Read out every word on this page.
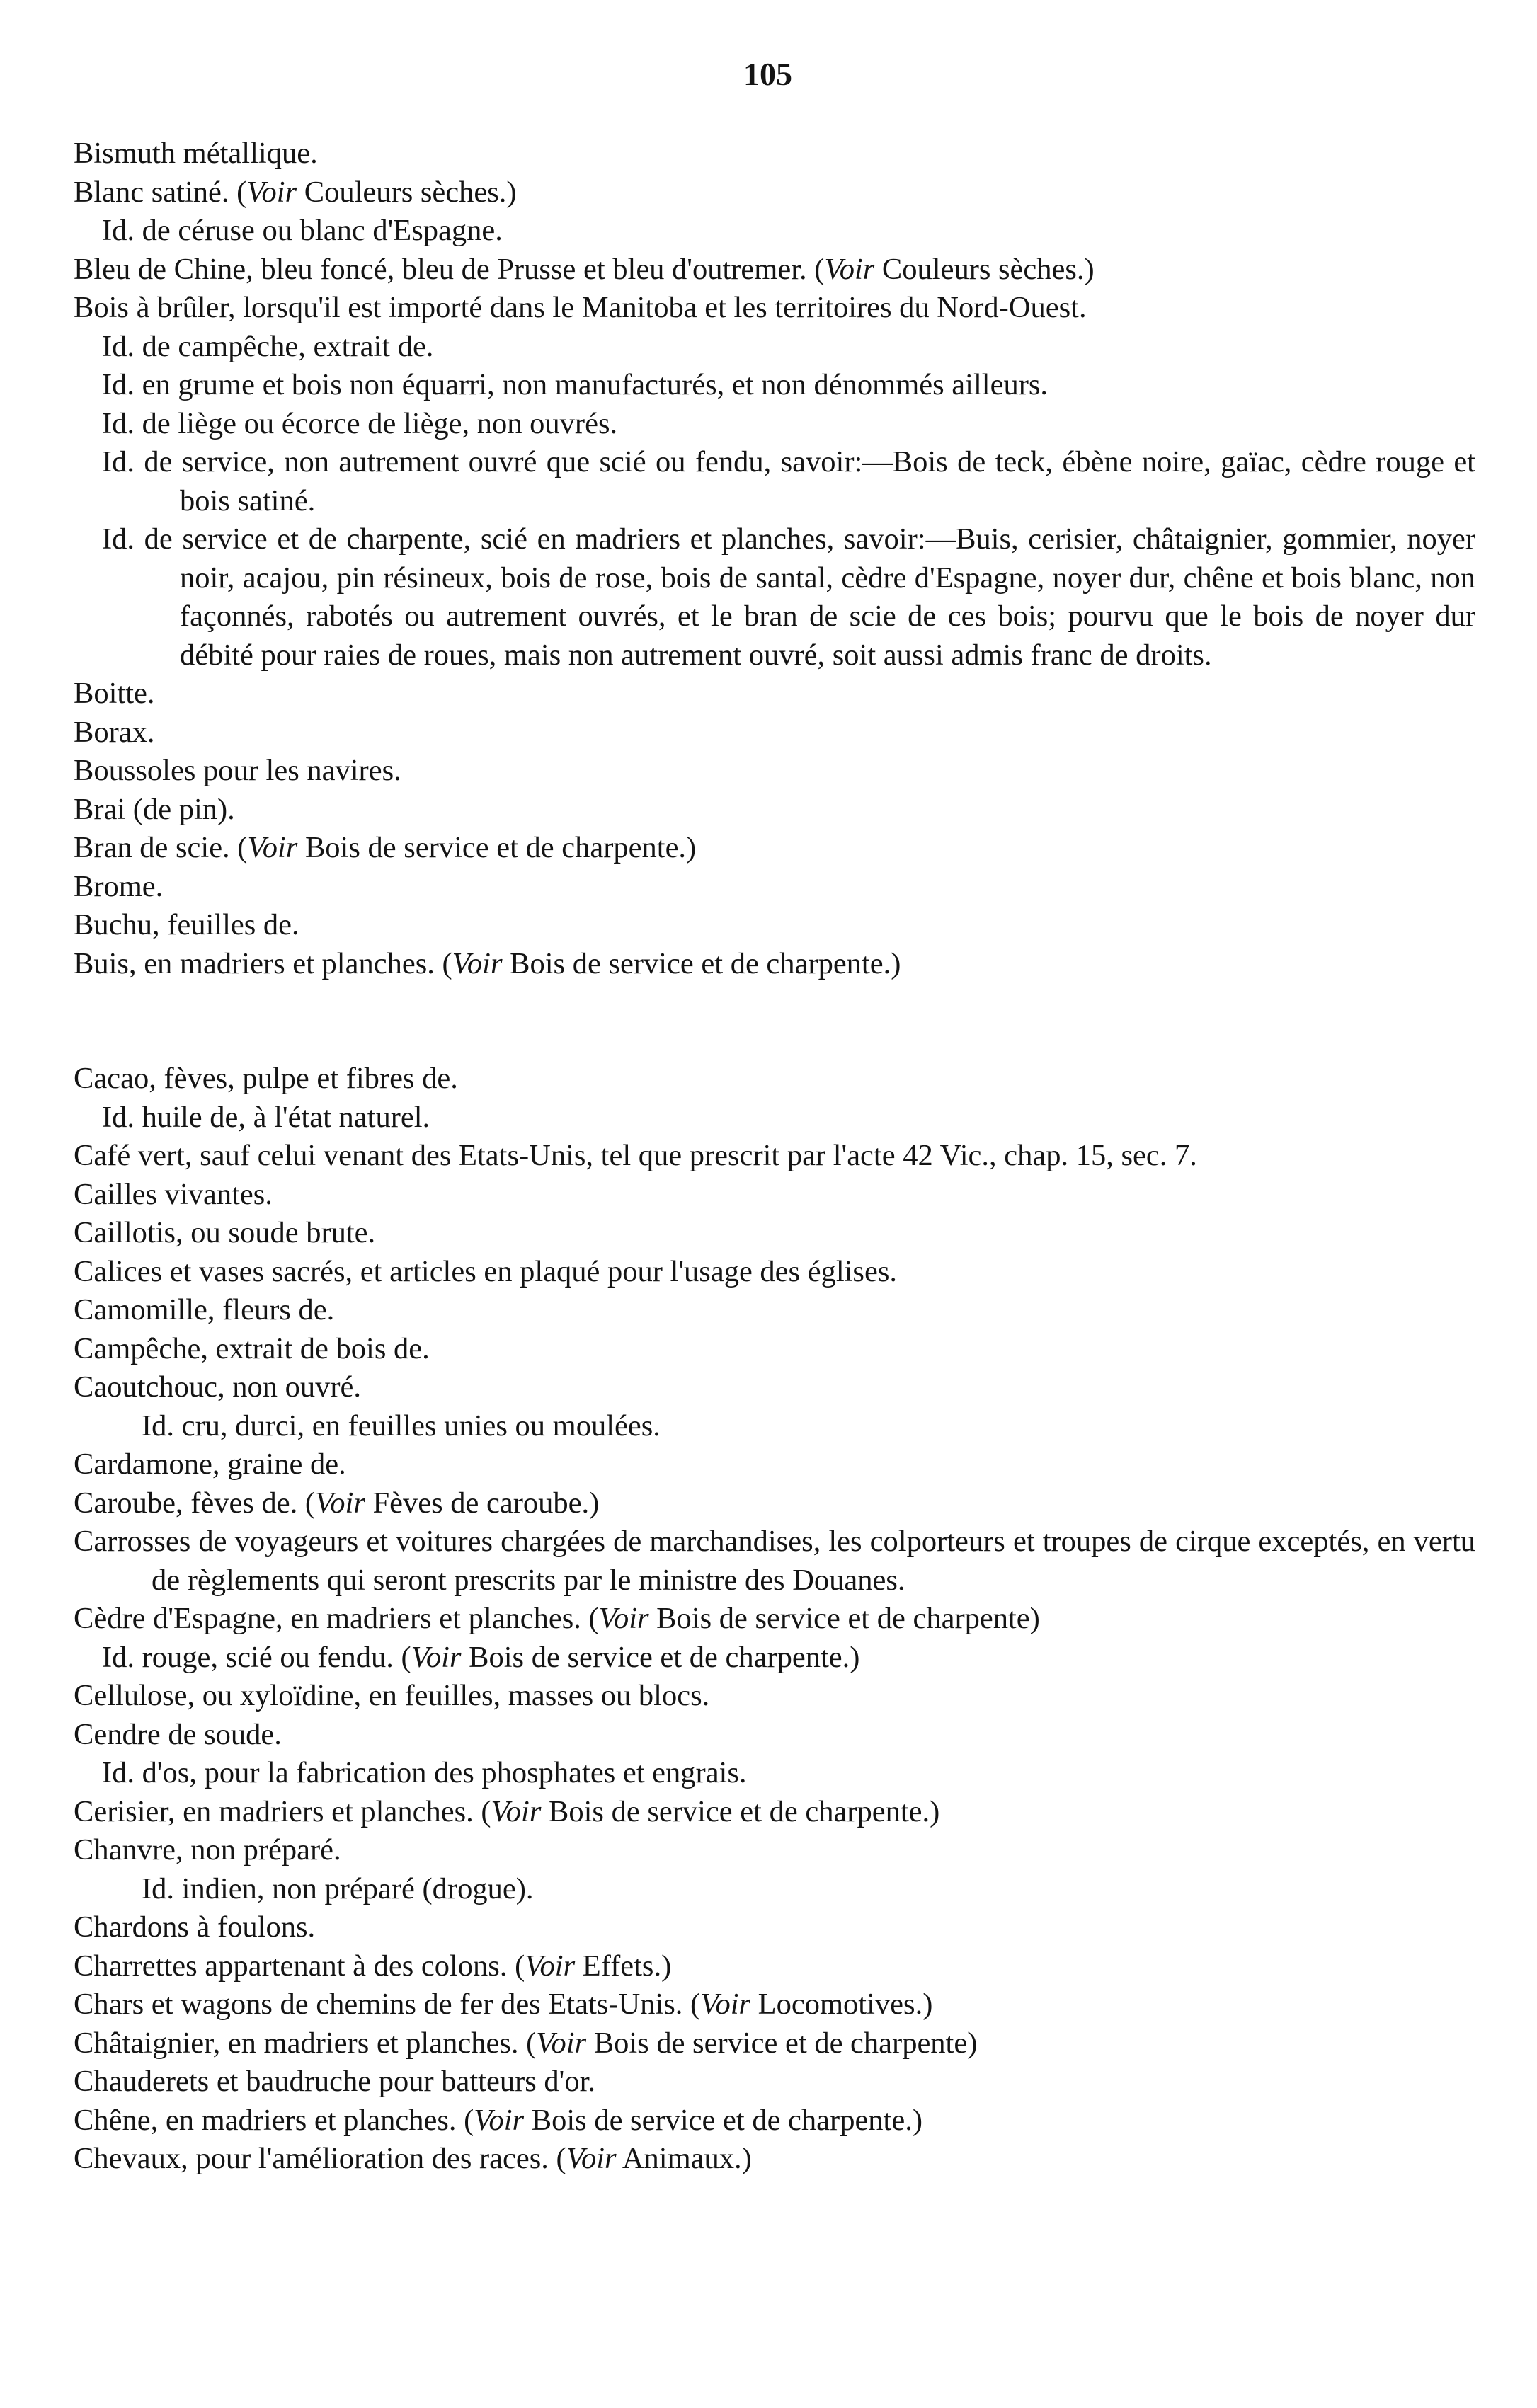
105

Bismuth métallique.

Blanc satiné. (Voir Couleurs sèches.)

Id. de céruse ou blanc d'Espagne.

Bleu de Chine, bleu foncé, bleu de Prusse et bleu d'outremer. (Voir Couleurs sèches.)

Bois à brûler, lorsqu'il est importé dans le Manitoba et les territoires du Nord-Ouest.

Id. de campêche, extrait de.

Id. en grume et bois non équarri, non manufacturés, et non dénommés ailleurs.

Id. de liège ou écorce de liège, non ouvrés.

Id. de service, non autrement ouvré que scié ou fendu, savoir:—Bois de teck, ébène noire, gaïac, cèdre rouge et bois satiné.

Id. de service et de charpente, scié en madriers et planches, savoir:—Buis, cerisier, châtaignier, gommier, noyer noir, acajou, pin résineux, bois de rose, bois de santal, cèdre d'Espagne, noyer dur, chêne et bois blanc, non façonnés, rabotés ou autrement ouvrés, et le bran de scie de ces bois; pourvu que le bois de noyer dur débité pour raies de roues, mais non autrement ouvré, soit aussi admis franc de droits.

Boitte.

Borax.

Boussoles pour les navires.

Brai (de pin).

Bran de scie. (Voir Bois de service et de charpente.)

Brome.

Buchu, feuilles de.

Buis, en madriers et planches. (Voir Bois de service et de charpente.)

Cacao, fèves, pulpe et fibres de.

Id. huile de, à l'état naturel.

Café vert, sauf celui venant des Etats-Unis, tel que prescrit par l'acte 42 Vic., chap. 15, sec. 7.

Cailles vivantes.

Caillotis, ou soude brute.

Calices et vases sacrés, et articles en plaqué pour l'usage des églises.

Camomille, fleurs de.

Campêche, extrait de bois de.

Caoutchouc, non ouvré.

Id. cru, durci, en feuilles unies ou moulées.

Cardamone, graine de.

Caroube, fèves de. (Voir Fèves de caroube.)

Carrosses de voyageurs et voitures chargées de marchandises, les colporteurs et troupes de cirque exceptés, en vertu de règlements qui seront prescrits par le ministre des Douanes.

Cèdre d'Espagne, en madriers et planches. (Voir Bois de service et de charpente)

Id. rouge, scié ou fendu. (Voir Bois de service et de charpente.)

Cellulose, ou xyloïdine, en feuilles, masses ou blocs.

Cendre de soude.

Id. d'os, pour la fabrication des phosphates et engrais.

Cerisier, en madriers et planches. (Voir Bois de service et de charpente.)

Chanvre, non préparé.

Id. indien, non préparé (drogue).

Chardons à foulons.

Charrettes appartenant à des colons. (Voir Effets.)

Chars et wagons de chemins de fer des Etats-Unis. (Voir Locomotives.)

Châtaignier, en madriers et planches. (Voir Bois de service et de charpente)

Chauderets et baudruche pour batteurs d'or.

Chêne, en madriers et planches. (Voir Bois de service et de charpente.)

Chevaux, pour l'amélioration des races. (Voir Animaux.)
